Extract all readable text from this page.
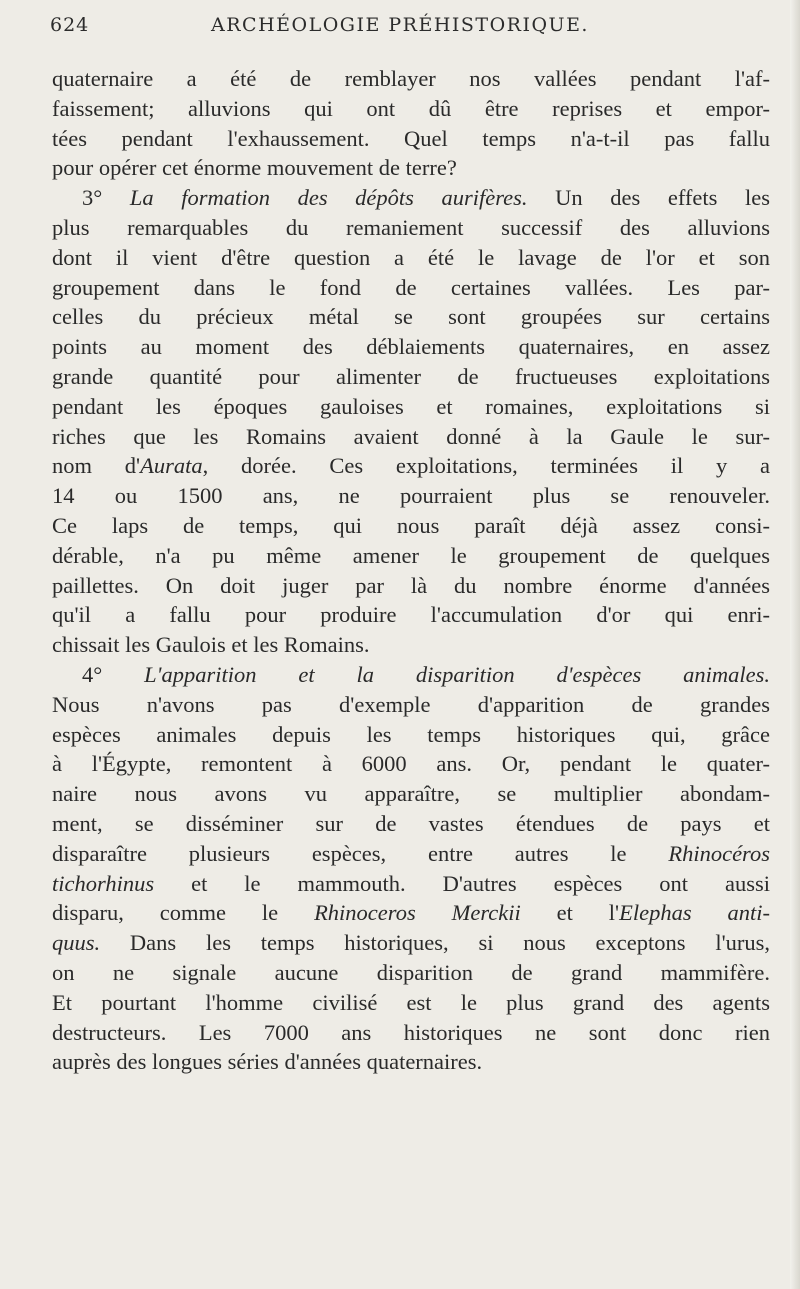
624	ARCHÉOLOGIE PRÉHISTORIQUE.
quaternaire a été de remblayer nos vallées pendant l'af-
faissement; alluvions qui ont dû être reprises et empor-
tées pendant l'exhaussement. Quel temps n'a-t-il pas fallu
pour opérer cet énorme mouvement de terre?
3° La formation des dépôts aurifères. Un des effets les
plus remarquables du remaniement successif des alluvions
dont il vient d'être question a été le lavage de l'or et son
groupement dans le fond de certaines vallées. Les par-
celles du précieux métal se sont groupées sur certains
points au moment des déblaiements quaternaires, en assez
grande quantité pour alimenter de fructueuses exploitations
pendant les époques gauloises et romaines, exploitations si
riches que les Romains avaient donné à la Gaule le sur-
nom d'Aurata, dorée. Ces exploitations, terminées il y a
14 ou 1500 ans, ne pourraient plus se renouveler.
Ce laps de temps, qui nous paraît déjà assez consi-
dérable, n'a pu même amener le groupement de quelques
paillettes. On doit juger par là du nombre énorme d'années
qu'il a fallu pour produire l'accumulation d'or qui enri-
chissait les Gaulois et les Romains.
4° L'apparition et la disparition d'espèces animales.
Nous n'avons pas d'exemple d'apparition de grandes
espèces animales depuis les temps historiques qui, grâce
à l'Égypte, remontent à 6000 ans. Or, pendant le quater-
naire nous avons vu apparaître, se multiplier abondam-
ment, se disséminer sur de vastes étendues de pays et
disparaître plusieurs espèces, entre autres le Rhinocéros
tichorhinus et le mammouth. D'autres espèces ont aussi
disparu, comme le Rhinoceros Merckii et l'Elephas anti-
quus. Dans les temps historiques, si nous exceptons l'urus,
on ne signale aucune disparition de grand mammifère.
Et pourtant l'homme civilisé est le plus grand des agents
destructeurs. Les 7000 ans historiques ne sont donc rien
auprès des longues séries d'années quaternaires.
